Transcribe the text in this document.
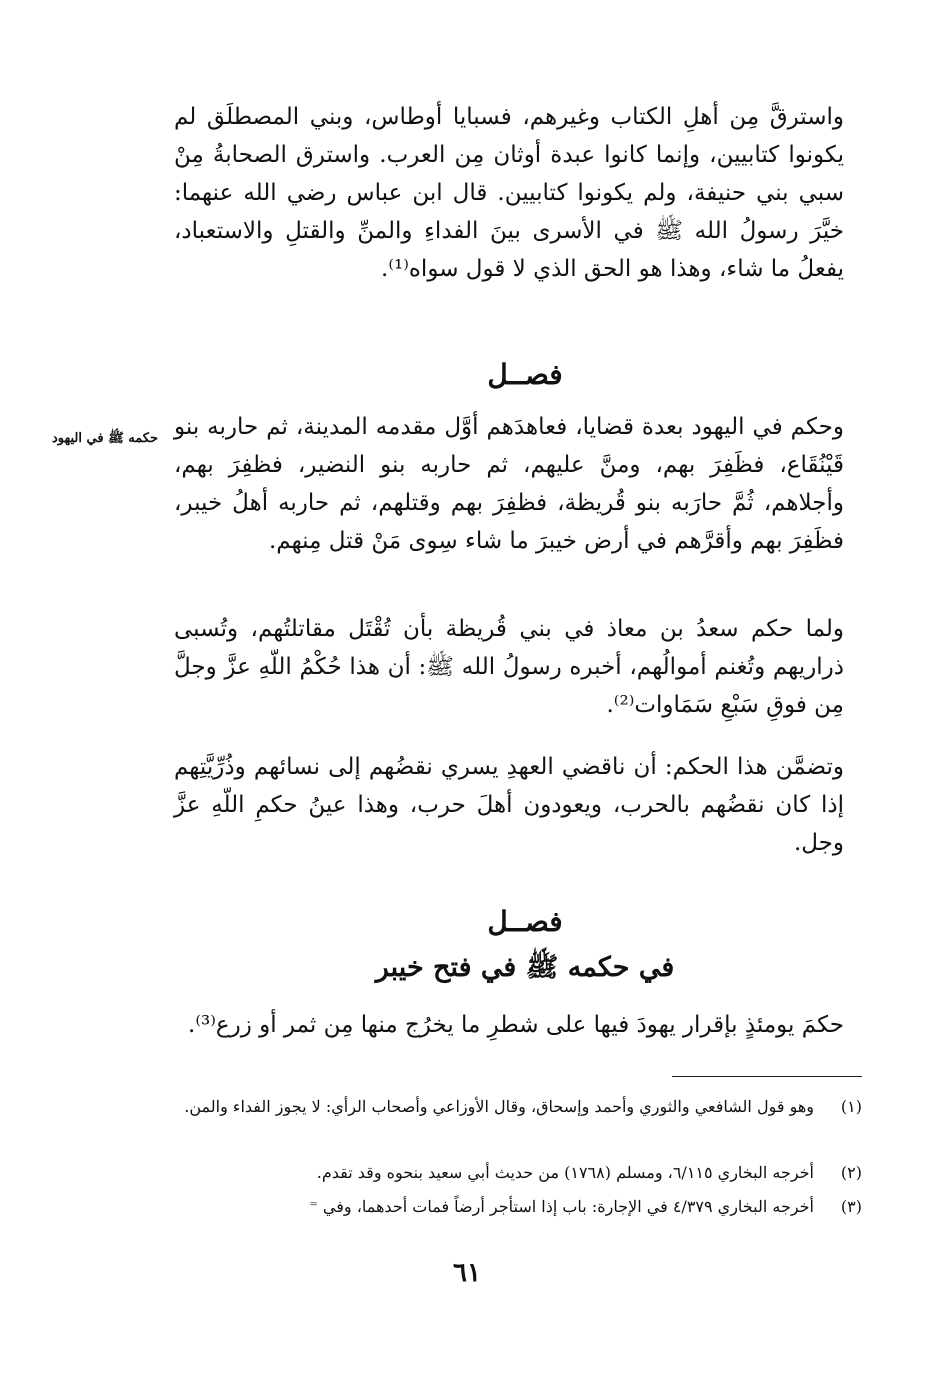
واسترقَّ مِن أهلِ الكتاب وغيرهم، فسبايا أوطاس، وبني المصطلَق لم يكونوا كتابيين، وإنما كانوا عبدة أوثان مِن العرب. واسترق الصحابةُ مِنْ سبي بني حنيفة، ولم يكونوا كتابيين. قال ابن عباس رضي الله عنهما: خيَّرَ رسولُ الله ﷺ في الأسرى بينَ الفداءِ والمنِّ والقتلِ والاستعباد، يفعلُ ما شاء، وهذا هو الحق الذي لا قول سواه⁽¹⁾.

فصــل
حكمه ﷺ في اليهود وحكم في اليهود بعدة قضايا، فعاهدَهم أوَّل مقدمه المدينة، ثم حاربه بنو قَيْنُقَاع، فظَفِرَ بهم، ومنَّ عليهم، ثم حاربه بنو النضير، فظفِرَ بهم، وأجلاهم، ثُمَّ حارَبه بنو قُريظة، فظفِرَ بهم وقتلهم، ثم حاربه أهلُ خيبر، فظَفِرَ بهم وأقرَّهم في أرض خيبرَ ما شاء سِوى مَنْ قتل مِنهم.

ولما حكم سعدُ بن معاذ في بني قُريظة بأن تُقْتَل مقاتلتُهم، وتُسبى ذراريهم وتُغنم أموالُهم، أخبره رسولُ الله ﷺ: أن هذا حُكْمُ اللّهِ عزَّ وجلَّ مِن فوقِ سَبْعِ سَمَاوات⁽²⁾.

وتضمَّن هذا الحكم: أن ناقضي العهدِ يسري نقضُهم إلى نسائهم وذُرِّيَّتِهم إذا كان نقضُهم بالحرب، ويعودون أهلَ حرب، وهذا عينُ حكمِ اللّهِ عزَّ وجل.

فصــل
في حكمه ﷺ في فتح خيبر

حكمَ يومئذٍ بإقرار يهودَ فيها على شطرِ ما يخرُج منها مِن ثمر أو زرع⁽³⁾.

(١)
وهو قول الشافعي والثوري وأحمد وإسحاق، وقال الأوزاعي وأصحاب الرأي: لا يجوز الفداء والمن.
(٢)
أخرجه البخاري ٦/١١٥، ومسلم (١٧٦٨) من حديث أبي سعيد بنحوه وقد تقدم.
(٣)
أخرجه البخاري ٤/٣٧٩ في الإجارة: باب إذا استأجر أرضاً فمات أحدهما، وفي ⁼
٦١
